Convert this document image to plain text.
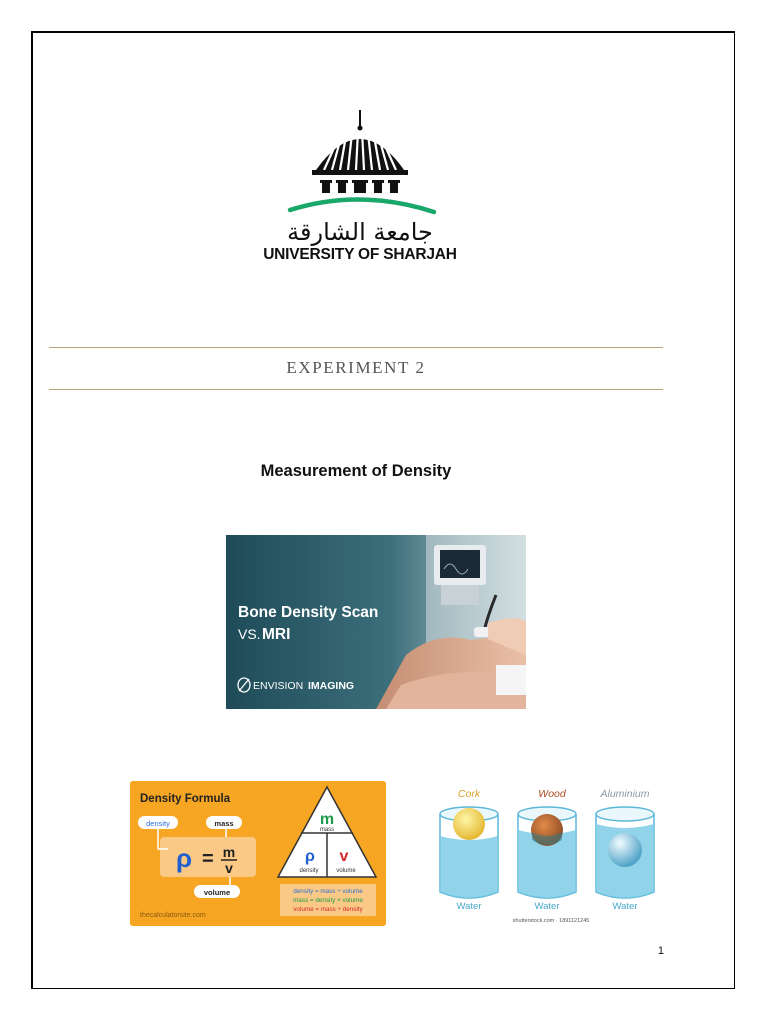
جامعة الشارقة
UNIVERSITY OF SHARJAH
EXPERIMENT 2
Measurement of Density
Bone Density Scan
VS. MRI
ENVISION IMAGING
Density Formula
density	mass
volume
ρ = m
v
m
mass
ρ
density
v
volume
density = mass ÷ volume
mass = density × volume
volume = mass ÷ density
thecalculatorsite.com
Cork	Wood	Aluminium
Water	Water	Water
shutterstock.com · 1891121245
1
